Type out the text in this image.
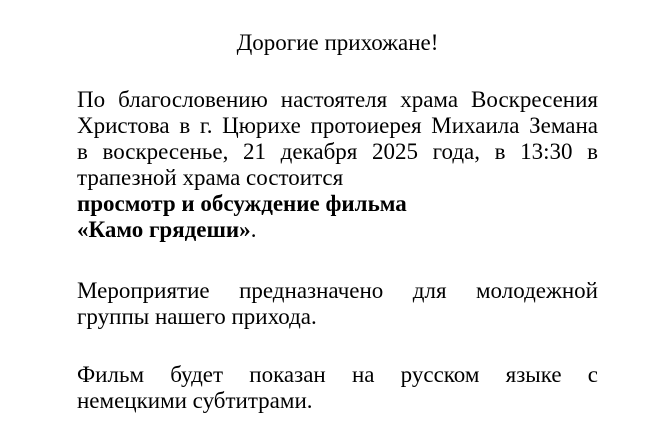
Дорогие прихожане!
По благословению настоятеля храма Воскресения
Христова в г. Цюрихе протоиерея Михаила Земана
в воскресенье, 21 декабря 2025 года, в 13:30 в
трапезной храма состоится
просмотр и обсуждение фильма
«Камо грядеши».
Мероприятие предназначено для молодежной
группы нашего прихода.
Фильм будет показан на русском языке с
немецкими субтитрами.
